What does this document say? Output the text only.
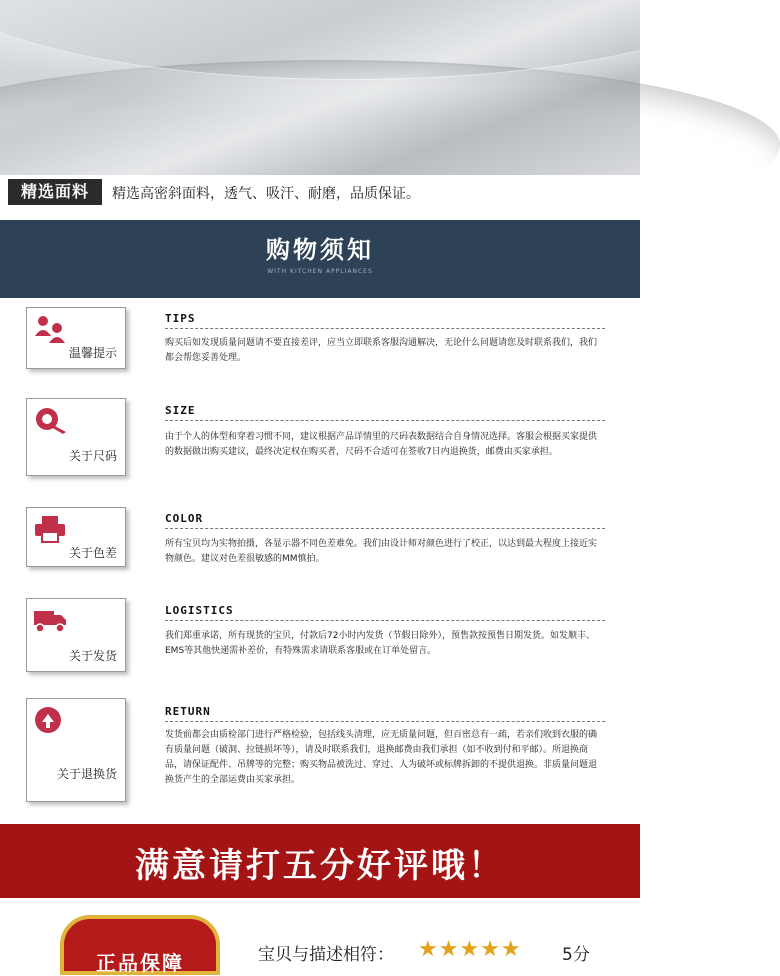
精选面料	精选高密斜面料，透气、吸汗、耐磨，品质保证。
购物须知
WITH KITCHEN APPLIANCES
温馨提示
TIPS
购买后如发现质量问题请不要直接差评，应当立即联系客服沟通解决，无论什么问题请您及时联系我们，我们都会帮您妥善处理。
关于尺码
SIZE
由于个人的体型和穿着习惯不同，建议根据产品详情里的尺码表数据结合自身情况选择。客服会根据买家提供的数据做出购买建议，最终决定权在购买者，尺码不合适可在签收7日内退换货，邮费由买家承担。
关于色差
COLOR
所有宝贝均为实物拍摄，各显示器不同色差难免。我们由设计师对颜色进行了校正，以达到最大程度上接近实物颜色。建议对色差很敏感的MM慎拍。
关于发货
LOGISTICS
我们郑重承诺，所有现货的宝贝，付款后72小时内发货（节假日除外），预售款按预售日期发货。如发顺丰、EMS等其他快递需补差价，有特殊需求请联系客服或在订单处留言。
关于退换货
RETURN
发货前都会由质检部门进行严格检验，包括线头清理，应无质量问题，但百密总有一疏，若亲们收到衣服的确有质量问题（破洞、拉链损坏等），请及时联系我们，退换邮费由我们承担（如不收到付和平邮）。所退换商品，请保证配件、吊牌等的完整；购买物品被洗过、穿过、人为破坏或标牌拆卸的不提供退换。非质量问题退换货产生的全部运费由买家承担。
满意请打五分好评哦！
正品保障	宝贝与描述相符： ★★★★★ 5分
